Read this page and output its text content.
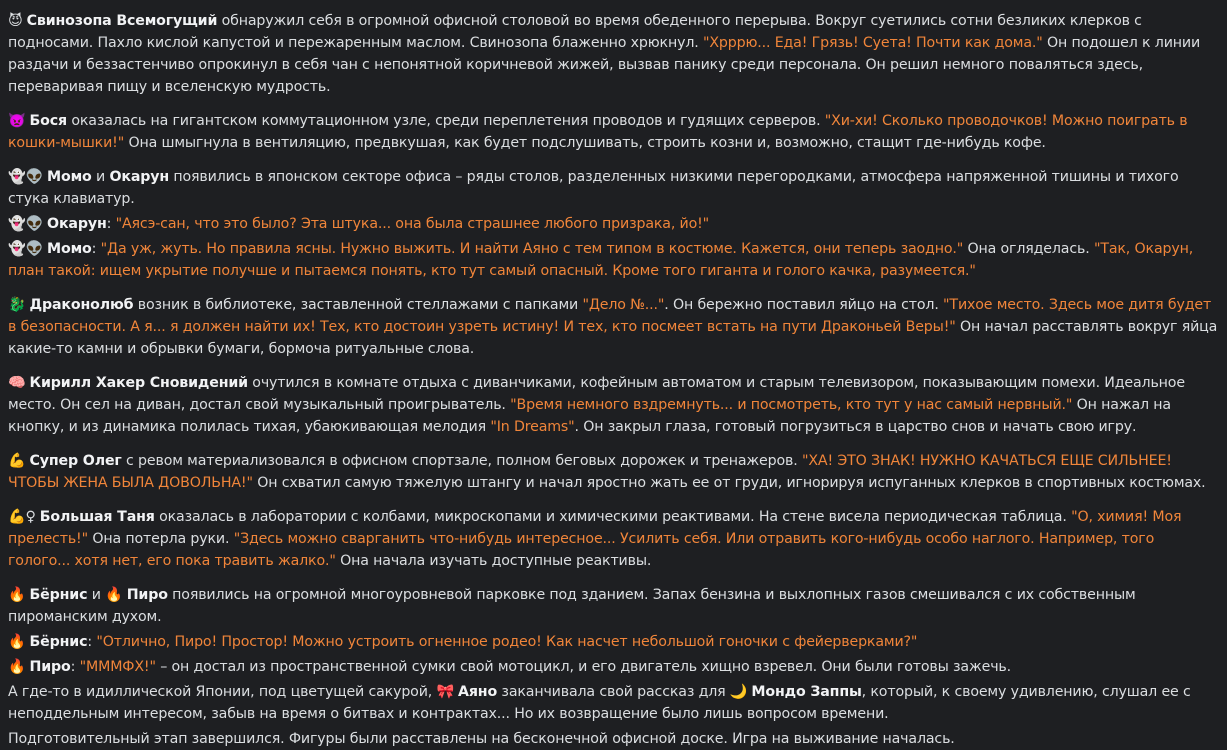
😈 Свинозопа Всемогущий обнаружил себя в огромной офисной столовой во время обеденного перерыва. Вокруг суетились сотни безликих клерков с подносами. Пахло кислой капустой и пережаренным маслом. Свинозопа блаженно хрюкнул. "Хрррю... Еда! Грязь! Суета! Почти как дома." Он подошел к линии раздачи и беззастенчиво опрокинул в себя чан с непонятной коричневой жижей, вызвав панику среди персонала. Он решил немного поваляться здесь, переваривая пищу и вселенскую мудрость.

👿 Бося оказалась на гигантском коммутационном узле, среди переплетения проводов и гудящих серверов. "Хи-хи! Сколько проводочков! Можно поиграть в кошки-мышки!" Она шмыгнула в вентиляцию, предвкушая, как будет подслушивать, строить козни и, возможно, стащит где-нибудь кофе.

👻👽 Момо и Окарун появились в японском секторе офиса – ряды столов, разделенных низкими перегородками, атмосфера напряженной тишины и тихого стука клавиатур.

👻👽 Окарун: "Аясэ-сан, что это было? Эта штука... она была страшнее любого призрака, йо!"

👻👽 Момо: "Да уж, жуть. Но правила ясны. Нужно выжить. И найти Аяно с тем типом в костюме. Кажется, они теперь заодно." Она огляделась. "Так, Окарун, план такой: ищем укрытие получше и пытаемся понять, кто тут самый опасный. Кроме того гиганта и голого качка, разумеется."

🐉 Драконолюб возник в библиотеке, заставленной стеллажами с папками "Дело №...". Он бережно поставил яйцо на стол. "Тихое место. Здесь мое дитя будет в безопасности. А я... я должен найти их! Тех, кто достоин узреть истину! И тех, кто посмеет встать на пути Драконьей Веры!" Он начал расставлять вокруг яйца какие-то камни и обрывки бумаги, бормоча ритуальные слова.

🧠 Кирилл Хакер Сновидений очутился в комнате отдыха с диванчиками, кофейным автоматом и старым телевизором, показывающим помехи. Идеальное место. Он сел на диван, достал свой музыкальный проигрыватель. "Время немного вздремнуть... и посмотреть, кто тут у нас самый нервный." Он нажал на кнопку, и из динамика полилась тихая, убаюкивающая мелодия "In Dreams". Он закрыл глаза, готовый погрузиться в царство снов и начать свою игру.

💪 Супер Олег с ревом материализовался в офисном спортзале, полном беговых дорожек и тренажеров. "ХА! ЭТО ЗНАК! НУЖНО КАЧАТЬСЯ ЕЩЕ СИЛЬНЕЕ! ЧТОБЫ ЖЕНА БЫЛА ДОВОЛЬНА!" Он схватил самую тяжелую штангу и начал яростно жать ее от груди, игнорируя испуганных клерков в спортивных костюмах.

💪♀ Большая Таня оказалась в лаборатории с колбами, микроскопами и химическими реактивами. На стене висела периодическая таблица. "О, химия! Моя прелесть!" Она потерла руки. "Здесь можно сварганить что-нибудь интересное... Усилить себя. Или отравить кого-нибудь особо наглого. Например, того голого... хотя нет, его пока травить жалко." Она начала изучать доступные реактивы.

🔥 Бёрнис и 🔥 Пиро появились на огромной многоуровневой парковке под зданием. Запах бензина и выхлопных газов смешивался с их собственным пироманским духом.

🔥 Бёрнис: "Отлично, Пиро! Простор! Можно устроить огненное родео! Как насчет небольшой гоночки с фейерверками?"

🔥 Пиро: "МММФХ!" – он достал из пространственной сумки свой мотоцикл, и его двигатель хищно взревел. Они были готовы зажечь.

А где-то в идиллической Японии, под цветущей сакурой, 🎀 Аяно заканчивала свой рассказ для 🌙 Мондо Заппы, который, к своему удивлению, слушал ее с неподдельным интересом, забыв на время о битвах и контрактах... Но их возвращение было лишь вопросом времени.

Подготовительный этап завершился. Фигуры были расставлены на бесконечной офисной доске. Игра на выживание началась.
